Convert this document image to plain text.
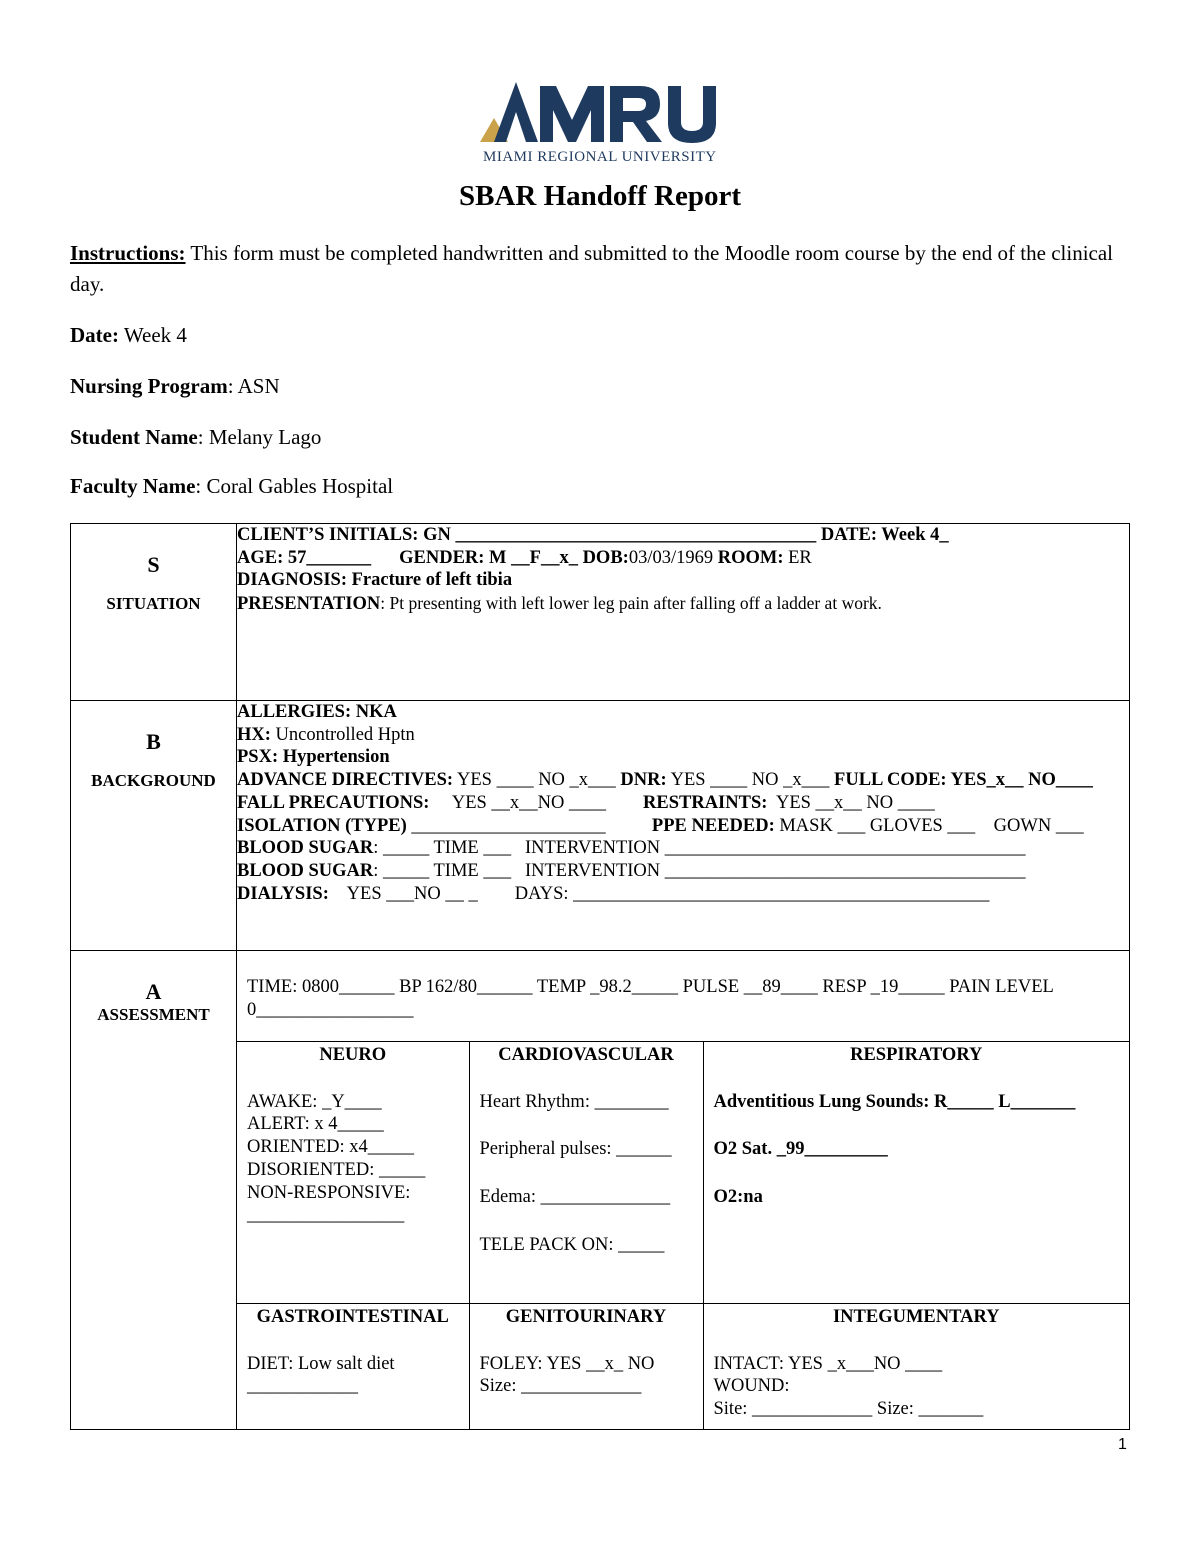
MIAMI REGIONAL UNIVERSITY
SBAR Handoff Report
Instructions: This form must be completed handwritten and submitted to the Moodle room course by the end of the clinical day.
Date: Week 4
Nursing Program: ASN
Student Name: Melany Lago
Faculty Name: Coral Gables Hospital
S
SITUATION

CLIENT’S INITIALS: GN _______________________________________ DATE: Week 4_
AGE: 57_______ GENDER: M __F__x_ DOB:03/03/1969 ROOM: ER
DIAGNOSIS: Fracture of left tibia
PRESENTATION: Pt presenting with left lower leg pain after falling off a ladder at work.

B
BACKGROUND

ALLERGIES: NKA
HX: Uncontrolled Hptn
PSX: Hypertension
ADVANCE DIRECTIVES: YES ____ NO _x___ DNR: YES ____ NO _x___ FULL CODE: YES_x__ NO____
FALL PRECAUTIONS:     YES __x__NO ____        RESTRAINTS:  YES __x__ NO ____
ISOLATION (TYPE) _____________________          PPE NEEDED: MASK ___ GLOVES ___    GOWN ___
BLOOD SUGAR: _____ TIME ___   INTERVENTION _______________________________________
BLOOD SUGAR: _____ TIME ___   INTERVENTION _______________________________________
DIALYSIS:    YES ___NO __ _        DAYS: _____________________________________________

A
ASSESSMENT

TIME: 0800______ BP 162/80______ TEMP _98.2_____ PULSE __89____ RESP _19_____ PAIN LEVEL 0_________________
NEURO
AWAKE: _Y____
ALERT: x 4_____
ORIENTED: x4_____
DISORIENTED: _____
NON-RESPONSIVE: _________________

CARDIOVASCULAR
Heart Rhythm: ________
Peripheral pulses: ______
Edema: ______________
TELE PACK ON: _____

RESPIRATORY
Adventitious Lung Sounds: R_____ L_______
O2 Sat. _99_________
O2:na

GASTROINTESTINAL
DIET: Low salt diet ____________

GENITOURINARY
FOLEY: YES __x_ NO
Size: _____________

INTEGUMENTARY
INTACT: YES _x___NO ____
WOUND:
Site: _____________ Size: _______
1
